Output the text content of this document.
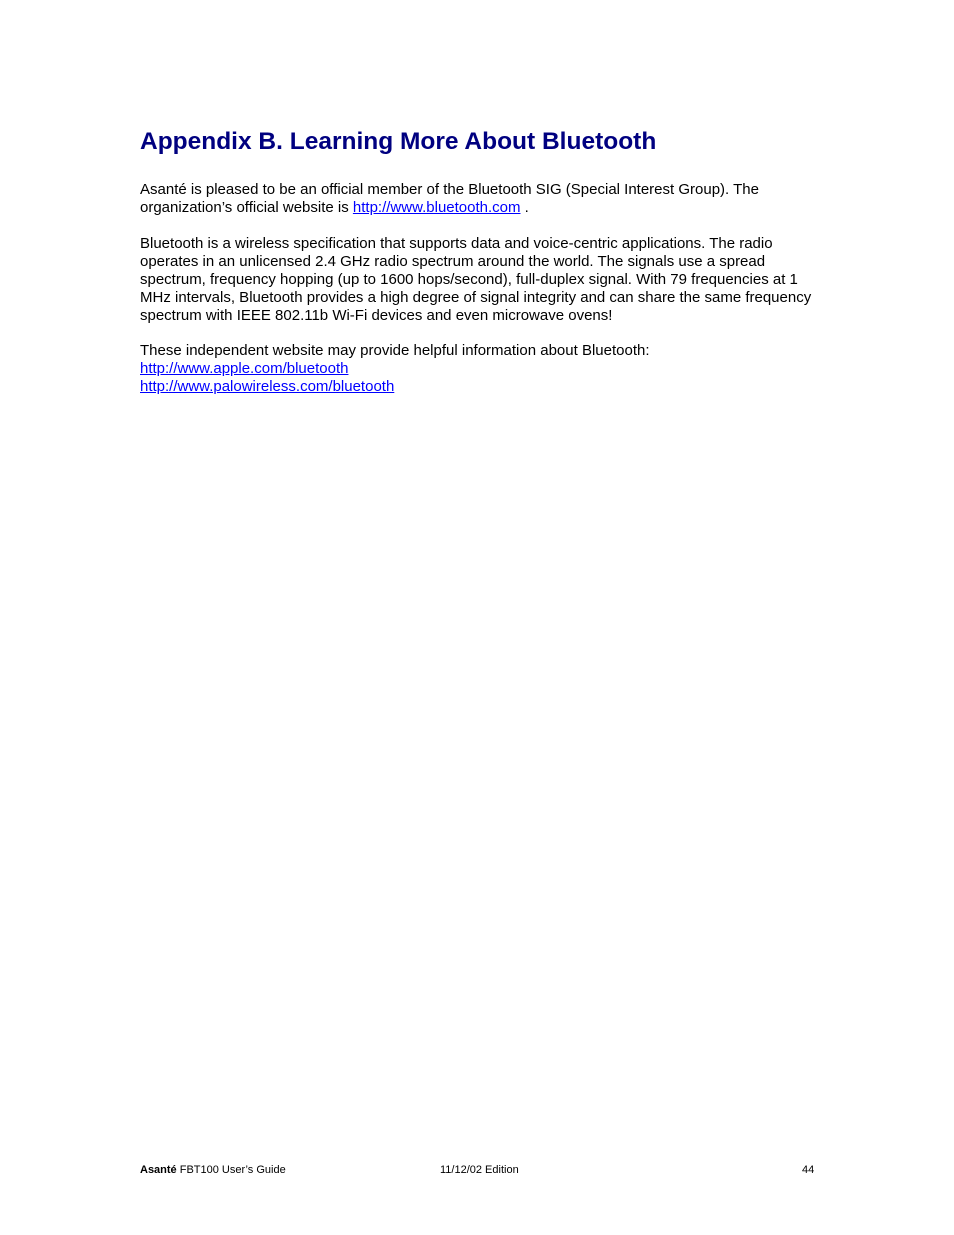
Appendix B. Learning More About Bluetooth

Asanté is pleased to be an official member of the Bluetooth SIG (Special Interest Group). The
organization’s official website is http://www.bluetooth.com .

Bluetooth is a wireless specification that supports data and voice-centric applications. The radio
operates in an unlicensed 2.4 GHz radio spectrum around the world. The signals use a spread
spectrum, frequency hopping (up to 1600 hops/second), full-duplex signal. With 79 frequencies at 1
MHz intervals, Bluetooth provides a high degree of signal integrity and can share the same frequency
spectrum with IEEE 802.11b Wi-Fi devices and even microwave ovens!

These independent website may provide helpful information about Bluetooth:
http://www.apple.com/bluetooth
http://www.palowireless.com/bluetooth

Asanté FBT100 User’s Guide	11/12/02 Edition	44
